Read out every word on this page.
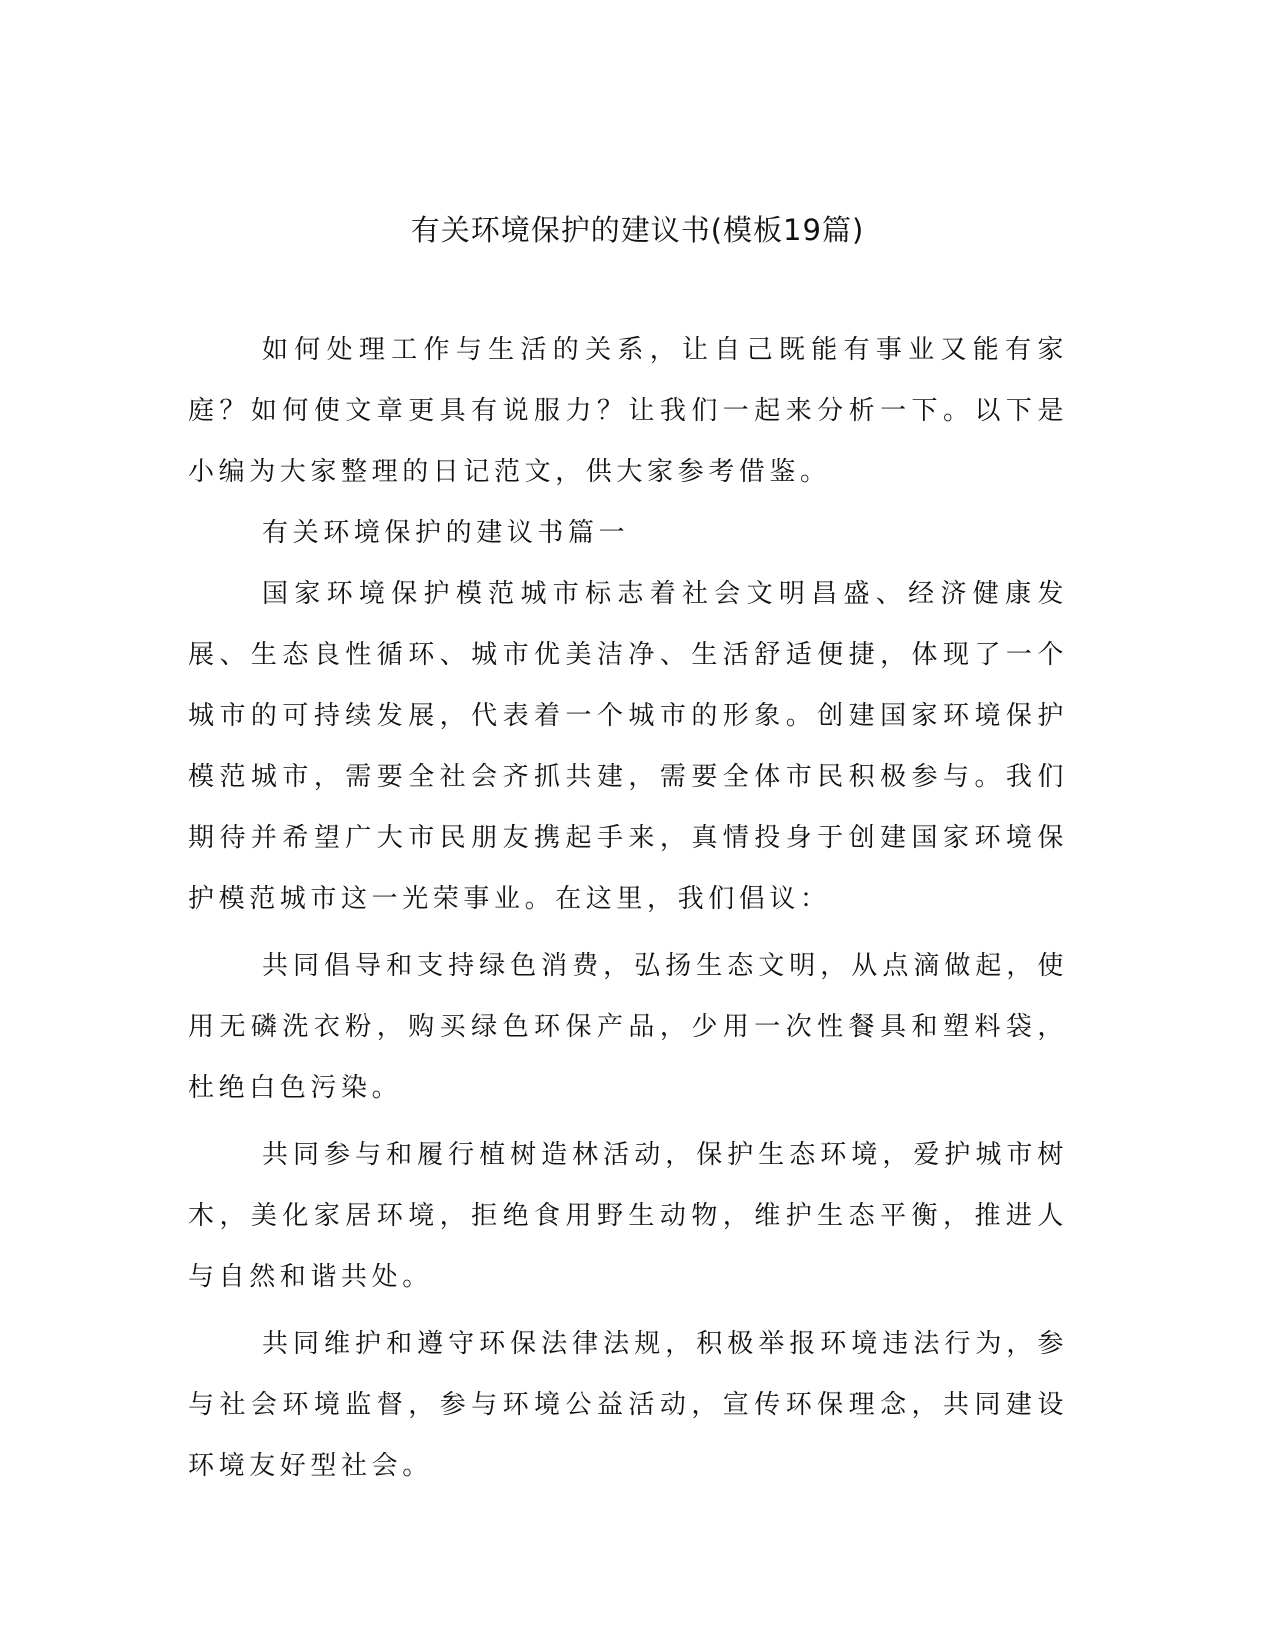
有关环境保护的建议书(模板19篇)

如何处理工作与生活的关系，让自己既能有事业又能有家庭？如何使文章更具有说服力？让我们一起来分析一下。以下是小编为大家整理的日记范文，供大家参考借鉴。

有关环境保护的建议书篇一

国家环境保护模范城市标志着社会文明昌盛、经济健康发展、生态良性循环、城市优美洁净、生活舒适便捷，体现了一个城市的可持续发展，代表着一个城市的形象。创建国家环境保护模范城市，需要全社会齐抓共建，需要全体市民积极参与。我们期待并希望广大市民朋友携起手来，真情投身于创建国家环境保护模范城市这一光荣事业。在这里，我们倡议：

共同倡导和支持绿色消费，弘扬生态文明，从点滴做起，使用无磷洗衣粉，购买绿色环保产品，少用一次性餐具和塑料袋，杜绝白色污染。

共同参与和履行植树造林活动，保护生态环境，爱护城市树木，美化家居环境，拒绝食用野生动物，维护生态平衡，推进人与自然和谐共处。

共同维护和遵守环保法律法规，积极举报环境违法行为，参与社会环境监督，参与环境公益活动，宣传环保理念，共同建设环境友好型社会。
